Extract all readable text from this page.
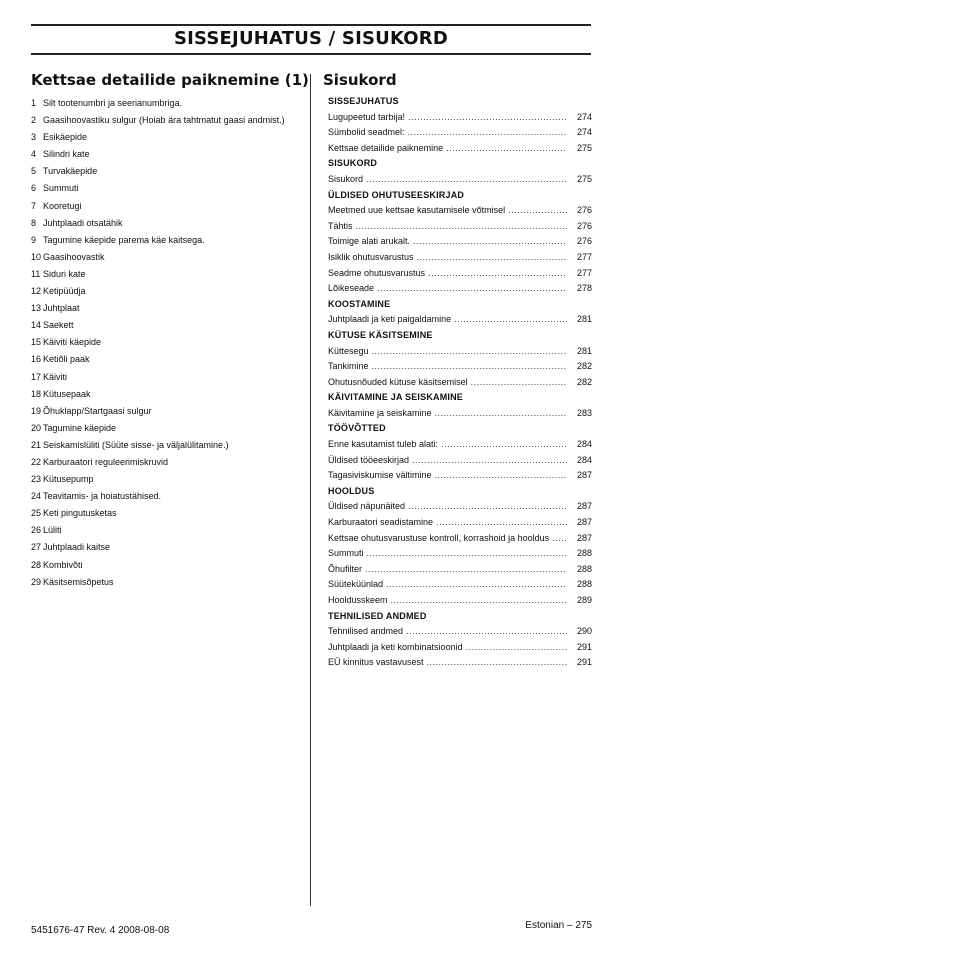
SISSEJUHATUS / SISUKORD
Kettsae detailide paiknemine (1)
1 Silt tootenumbri ja seerianumbriga.
2 Gaasihoovastiku sulgur (Hoiab ära tahtmatut gaasi andmist.)
3 Esikäepide
4 Silindri kate
5 Turvakäepide
6 Summuti
7 Kooretugi
8 Juhtplaadi otsatähik
9 Tagumine käepide parema käe kaitsega.
10 Gaasihoovastik
11 Siduri kate
12 Ketipüüdja
13 Juhtplaat
14 Saekett
15 Käiviti käepide
16 Ketiõli paak
17 Käiviti
18 Kütusepaak
19 Õhuklapp/Startgaasi sulgur
20 Tagumine käepide
21 Seiskamislüliti (Süüte sisse- ja väljalülitamine.)
22 Karburaatori reguleerimiskruvid
23 Kütusepump
24 Teavitamis- ja hoiatustähised.
25 Keti pingutusketas
26 Lüliti
27 Juhtplaadi kaitse
28 Kombivõti
29 Käsitsemisõpetus
Sisukord
SISSEJUHATUS
Lugupeetud tarbija! .....	274
Sümbolid seadmel: .....	274
Kettsae detailide paiknemine .....	275
SISUKORD
Sisukord .....	275
ÜLDISED OHUTUSEESKIRJAD
Meetmed uue kettsae kasutamisele võtmisel .....	276
Tähtis .....	276
Toimige alati arukalt. .....	276
Isiklik ohutusvarustus .....	277
Seadme ohutusvarustus .....	277
Lõikeseade .....	278
KOOSTAMINE
Juhtplaadi ja keti paigaldamine .....	281
KÜTUSE KÄSITSEMINE
Küttesegu .....	281
Tankimine .....	282
Ohutusnõuded kütuse käsitsemisel .....	282
KÄIVITAMINE JA SEISKAMINE
Käivitamine ja seiskamine .....	283
TÖÖVÕTTED
Enne kasutamist tuleb alati: .....	284
Üldised tööeeskirjad .....	284
Tagasiviskumise vältimine .....	287
HOOLDUS
Üldised näpunäited .....	287
Karburaatori seadistamine .....	287
Kettsae ohutusvarustuse kontroll, korrashoid ja hooldus .....	287
Summuti .....	288
Õhufilter .....	288
Süüteküünlad .....	288
Hooldusskeem .....	289
TEHNILISED ANDMED
Tehnilised andmed .....	290
Juhtplaadi ja keti kombinatsioonid .....	291
EÜ kinnitus vastavusest .....	291
5451676-47 Rev. 4 2008-08-08	Estonian – 275
